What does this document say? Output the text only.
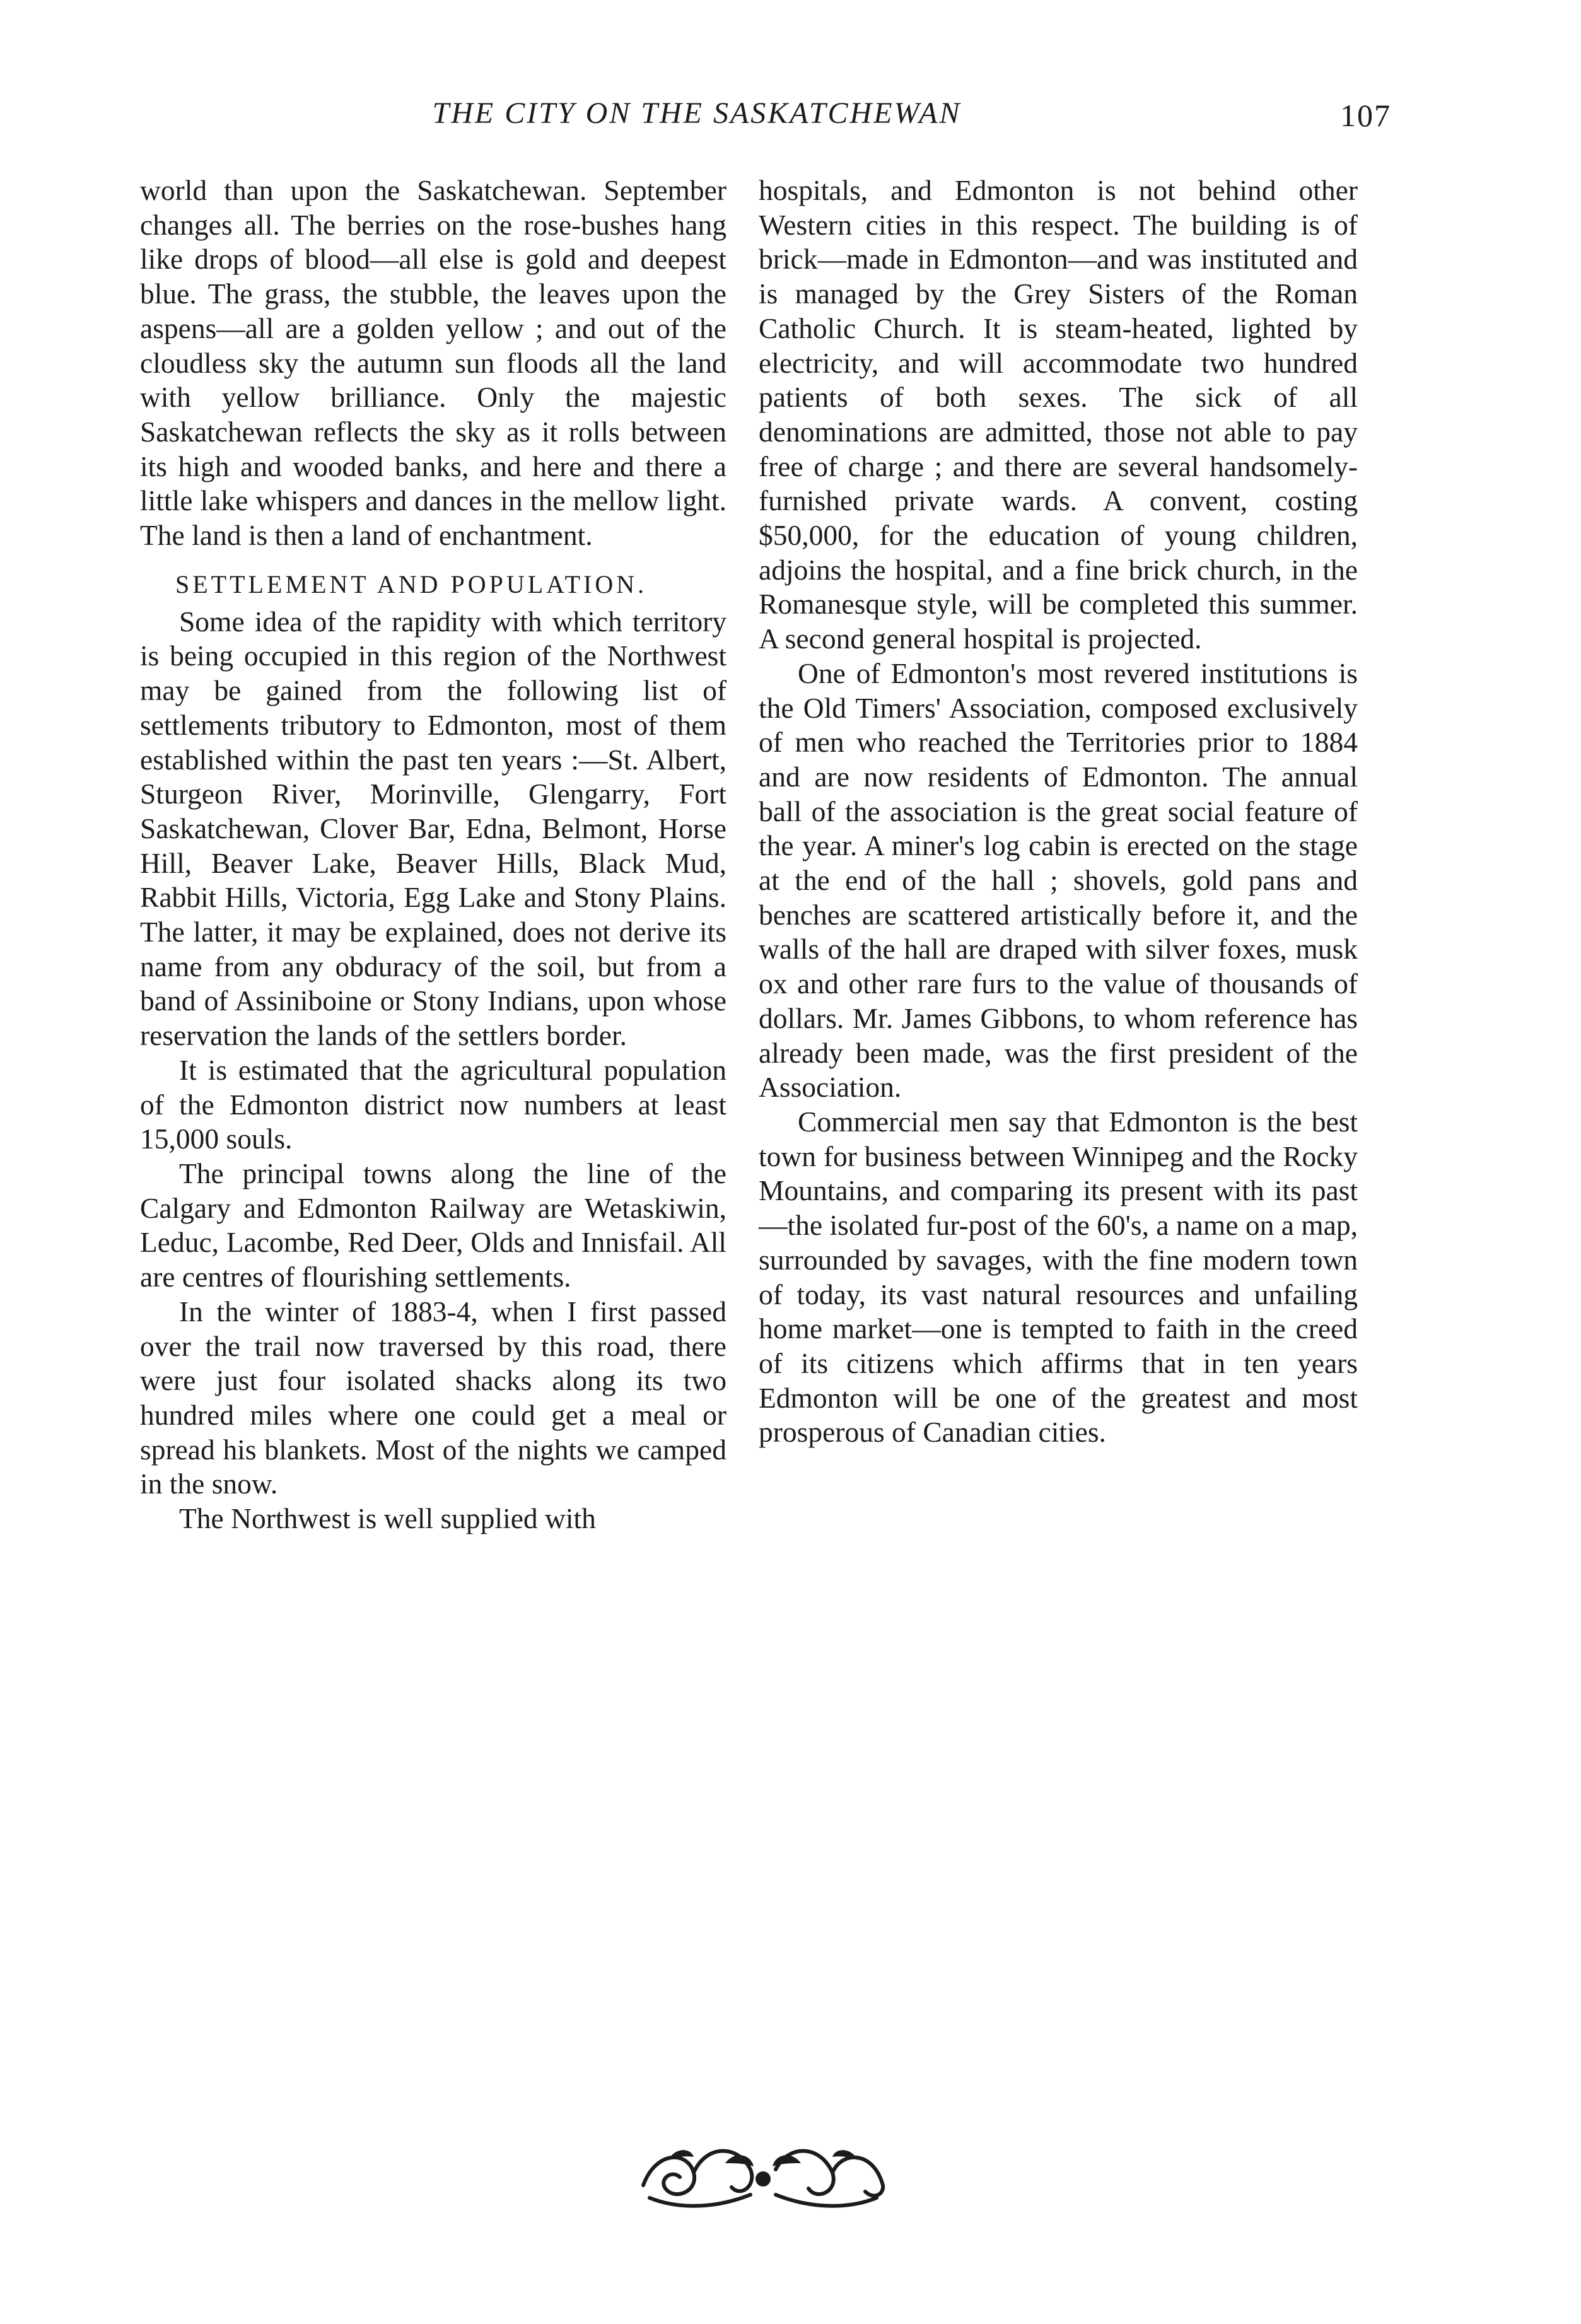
THE CITY ON THE SASKATCHEWAN	107

world than upon the Saskatchewan. September changes all. The berries on the rose-bushes hang like drops of blood—all else is gold and deepest blue. The grass, the stubble, the leaves upon the aspens—all are a golden yellow ; and out of the cloudless sky the autumn sun floods all the land with yellow brilliance. Only the majestic Saskatchewan reflects the sky as it rolls between its high and wooded banks, and here and there a little lake whispers and dances in the mellow light. The land is then a land of enchantment.

SETTLEMENT AND POPULATION.

Some idea of the rapidity with which territory is being occupied in this region of the Northwest may be gained from the following list of settlements tributory to Edmonton, most of them established within the past ten years :—St. Albert, Sturgeon River, Morinville, Glengarry, Fort Saskatchewan, Clover Bar, Edna, Belmont, Horse Hill, Beaver Lake, Beaver Hills, Black Mud, Rabbit Hills, Victoria, Egg Lake and Stony Plains. The latter, it may be explained, does not derive its name from any obduracy of the soil, but from a band of Assiniboine or Stony Indians, upon whose reservation the lands of the settlers border.

It is estimated that the agricultural population of the Edmonton district now numbers at least 15,000 souls.

The principal towns along the line of the Calgary and Edmonton Railway are Wetaskiwin, Leduc, Lacombe, Red Deer, Olds and Innisfail. All are centres of flourishing settlements.

In the winter of 1883-4, when I first passed over the trail now traversed by this road, there were just four isolated shacks along its two hundred miles where one could get a meal or spread his blankets. Most of the nights we camped in the snow.

The Northwest is well supplied with

hospitals, and Edmonton is not behind other Western cities in this respect. The building is of brick—made in Edmonton—and was instituted and is managed by the Grey Sisters of the Roman Catholic Church. It is steam-heated, lighted by electricity, and will accommodate two hundred patients of both sexes. The sick of all denominations are admitted, those not able to pay free of charge ; and there are several handsomely-furnished private wards. A convent, costing $50,000, for the education of young children, adjoins the hospital, and a fine brick church, in the Romanesque style, will be completed this summer. A second general hospital is projected.

One of Edmonton's most revered institutions is the Old Timers' Association, composed exclusively of men who reached the Territories prior to 1884 and are now residents of Edmonton. The annual ball of the association is the great social feature of the year. A miner's log cabin is erected on the stage at the end of the hall ; shovels, gold pans and benches are scattered artistically before it, and the walls of the hall are draped with silver foxes, musk ox and other rare furs to the value of thousands of dollars. Mr. James Gibbons, to whom reference has already been made, was the first president of the Association.

Commercial men say that Edmonton is the best town for business between Winnipeg and the Rocky Mountains, and comparing its present with its past—the isolated fur-post of the 60's, a name on a map, surrounded by savages, with the fine modern town of today, its vast natural resources and unfailing home market—one is tempted to faith in the creed of its citizens which affirms that in ten years Edmonton will be one of the greatest and most prosperous of Canadian cities.
